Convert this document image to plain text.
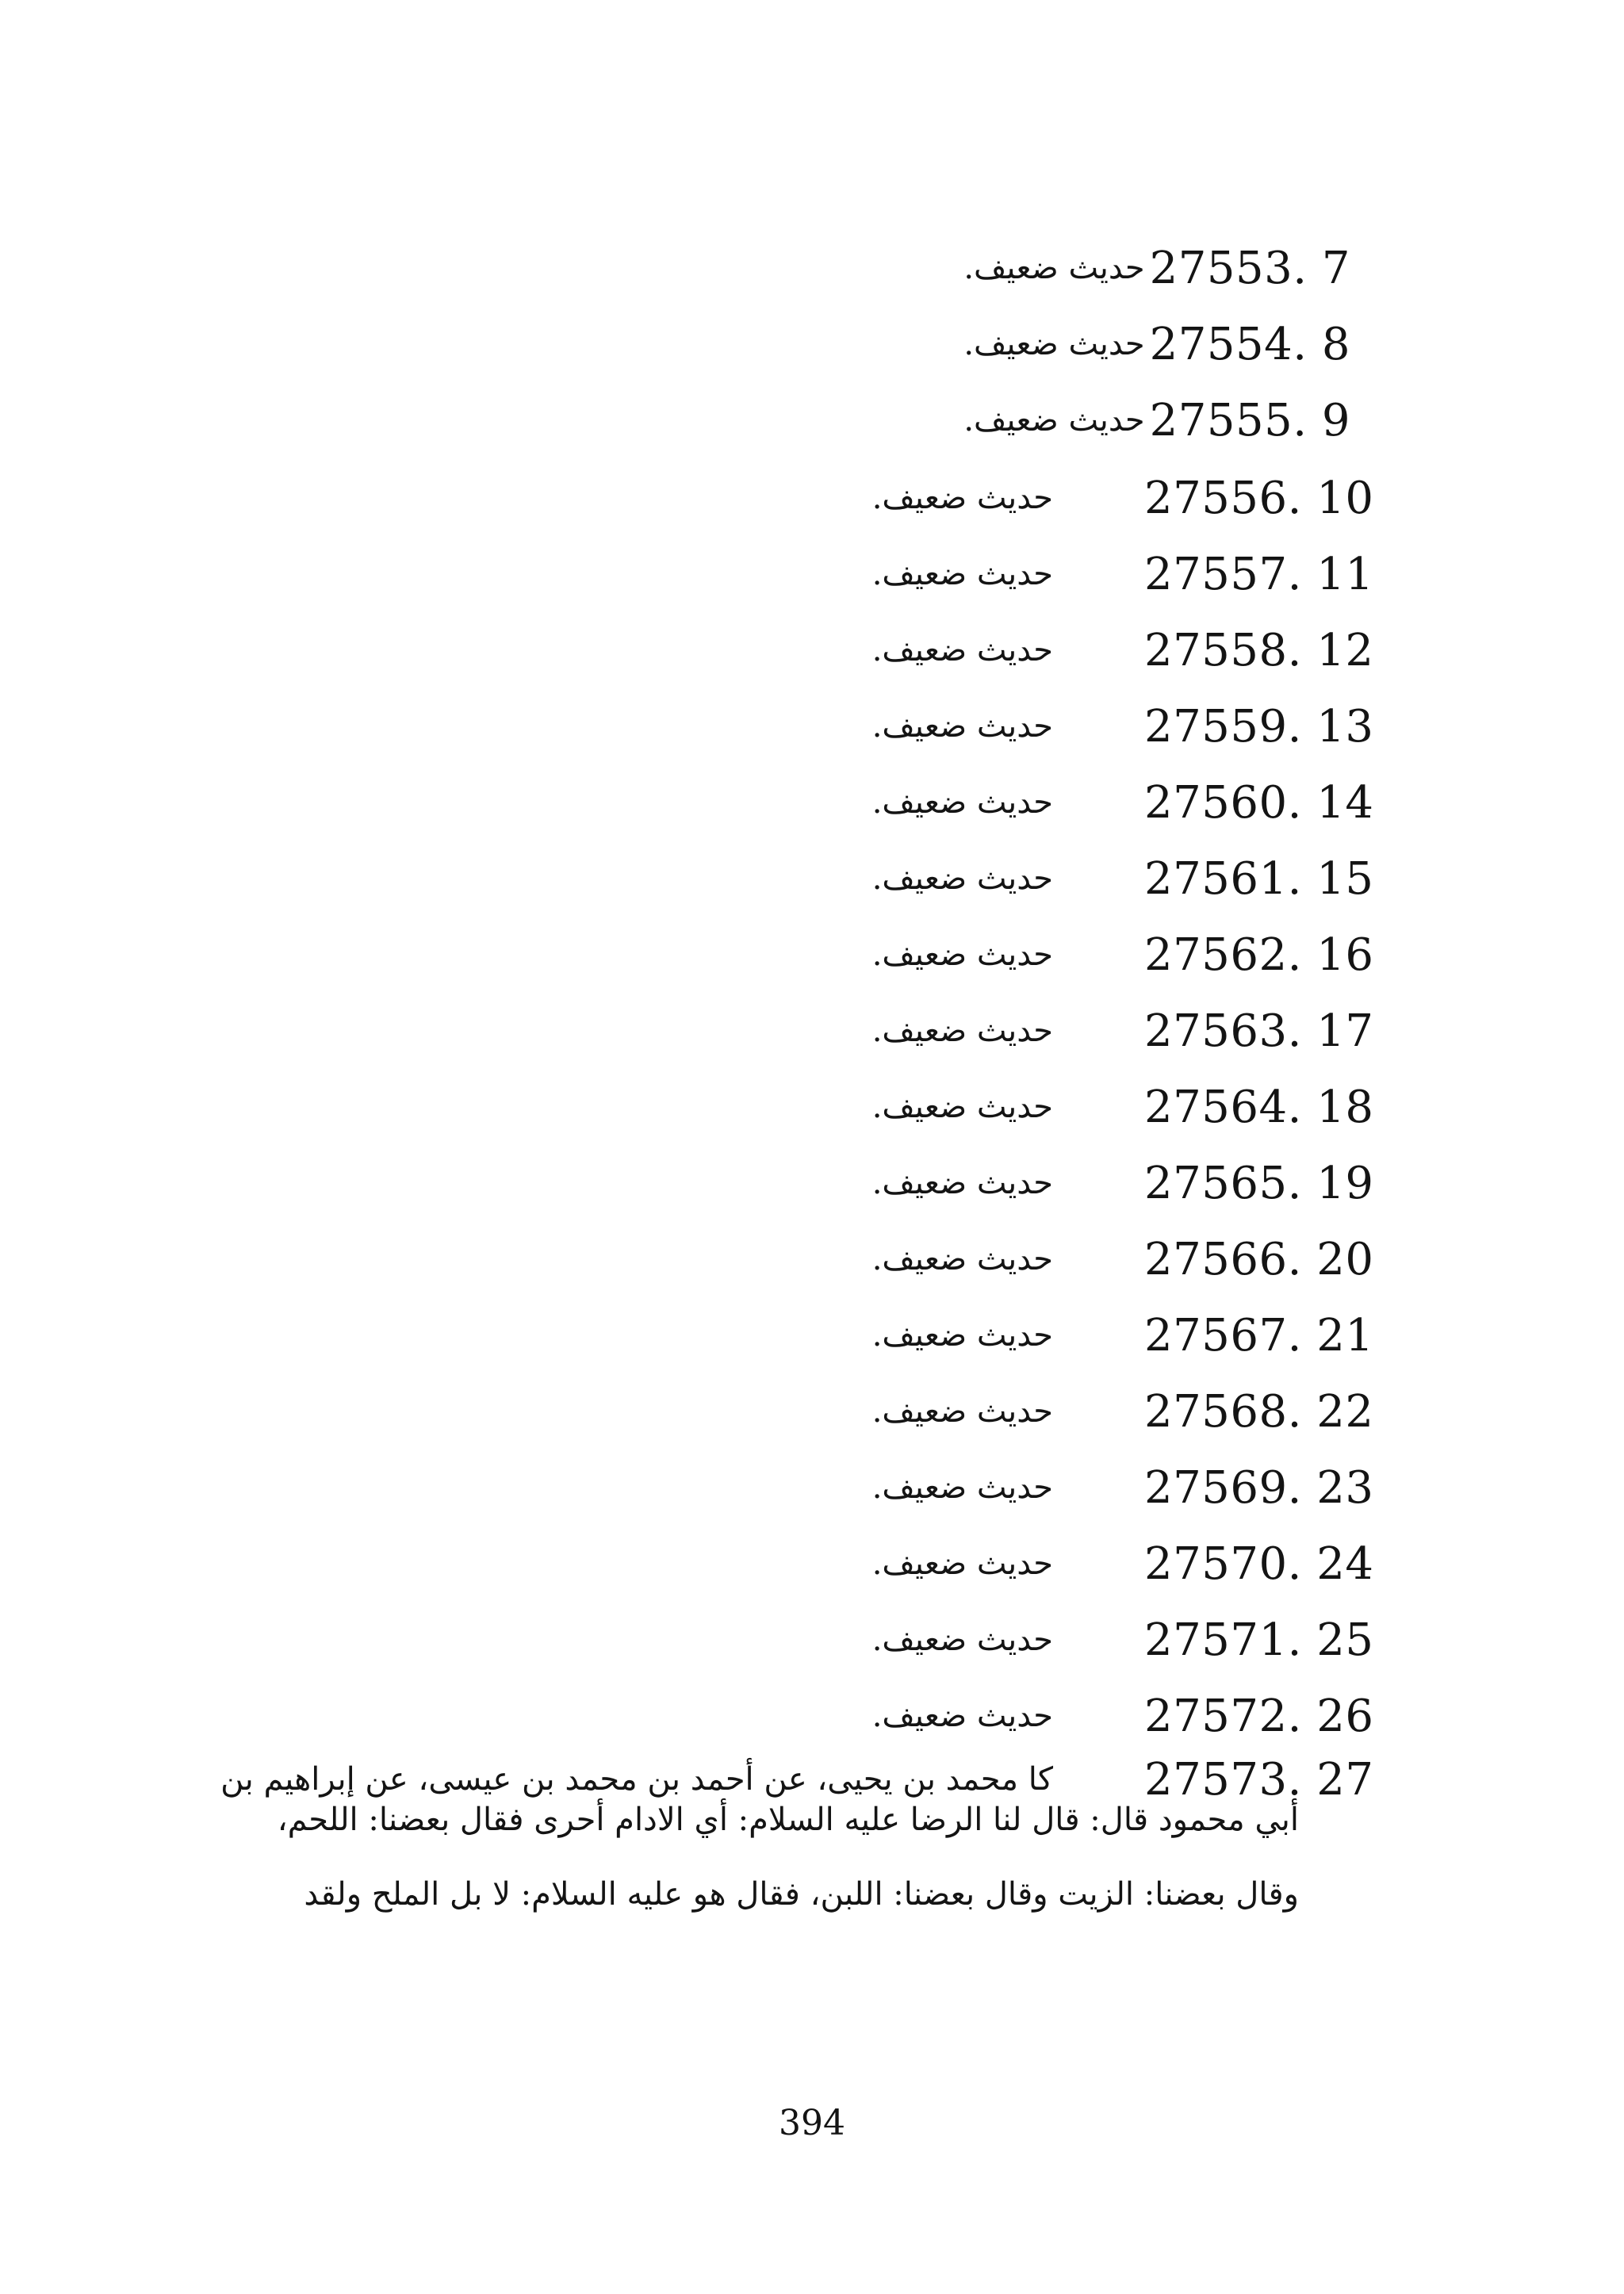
27553. 7
حديث ضعيف.
27554. 8
حديث ضعيف.
27555. 9
حديث ضعيف.
27556. 10
حديث ضعيف.
27557. 11
حديث ضعيف.
27558. 12
حديث ضعيف.
27559. 13
حديث ضعيف.
27560. 14
حديث ضعيف.
27561. 15
حديث ضعيف.
27562. 16
حديث ضعيف.
27563. 17
حديث ضعيف.
27564. 18
حديث ضعيف.
27565. 19
حديث ضعيف.
27566. 20
حديث ضعيف.
27567. 21
حديث ضعيف.
27568. 22
حديث ضعيف.
27569. 23
حديث ضعيف.
27570. 24
حديث ضعيف.
27571. 25
حديث ضعيف.
27572. 26
حديث ضعيف.
27573. 27
كا محمد بن يحيى، عن أحمد بن محمد بن عيسى، عن إبراهيم بن
أبي محمود قال: قال لنا الرضا عليه السلام: أي الادام أحرى فقال بعضنا: اللحم،
وقال بعضنا: الزيت وقال بعضنا: اللبن، فقال هو عليه السلام: لا بل الملح ولقد
394
